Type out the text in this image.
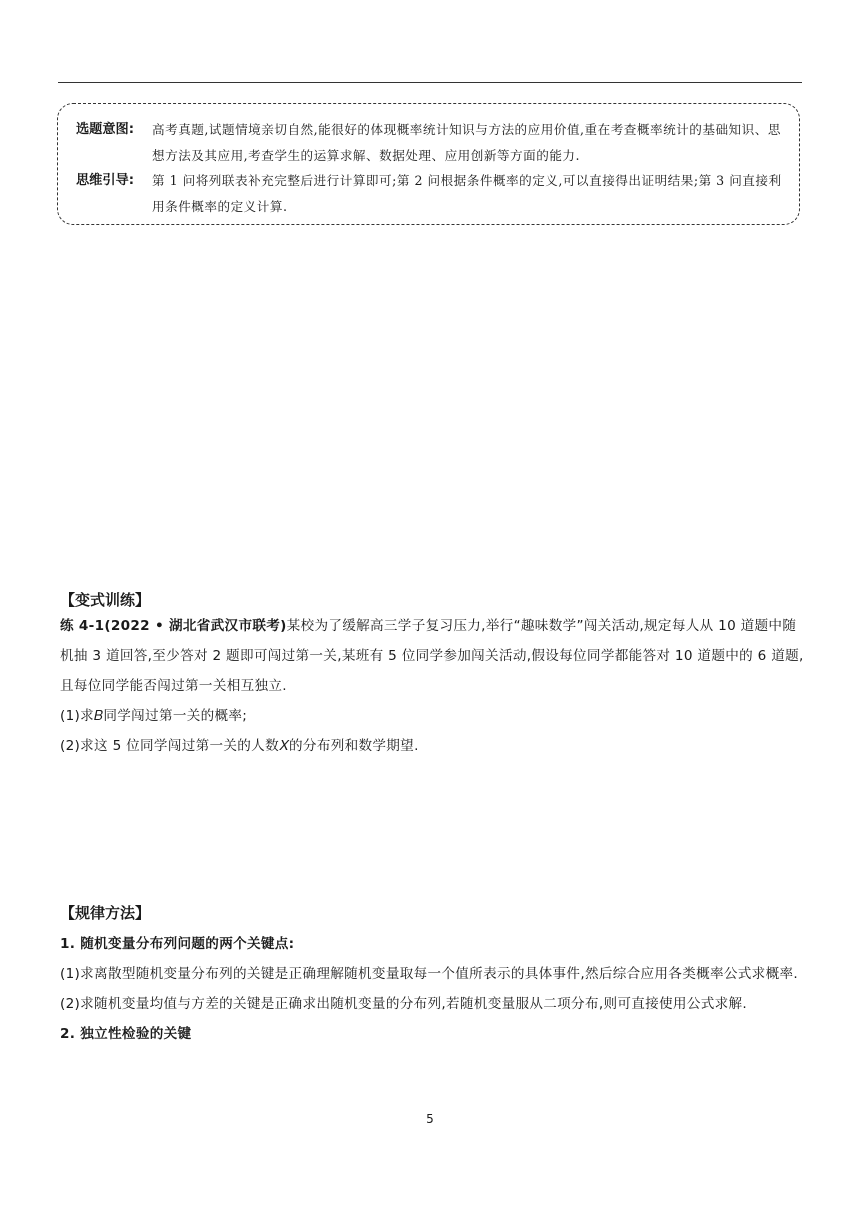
选题意图:	高考真题,试题情境亲切自然,能很好的体现概率统计知识与方法的应用价值,重在考查概率统计的基础知识、思想方法及其应用,考查学生的运算求解、数据处理、应用创新等方面的能力.
思维引导:	第 1 问将列联表补充完整后进行计算即可;第 2 问根据条件概率的定义,可以直接得出证明结果;第 3 问直接利用条件概率的定义计算.
【变式训练】

练 4-1(2022 • 湖北省武汉市联考)某校为了缓解高三学子复习压力,举行“趣味数学”闯关活动,规定每人从 10 道题中随机抽 3 道回答,至少答对 2 题即可闯过第一关,某班有 5 位同学参加闯关活动,假设每位同学都能答对 10 道题中的 6 道题,且每位同学能否闯过第一关相互独立.

(1)求𝐵同学闯过第一关的概率;

(2)求这 5 位同学闯过第一关的人数𝑋的分布列和数学期望.

【规律方法】

1. 随机变量分布列问题的两个关键点:

(1)求离散型随机变量分布列的关键是正确理解随机变量取每一个值所表示的具体事件,然后综合应用各类概率公式求概率.

(2)求随机变量均值与方差的关键是正确求出随机变量的分布列,若随机变量服从二项分布,则可直接使用公式求解.

2. 独立性检验的关键

5
